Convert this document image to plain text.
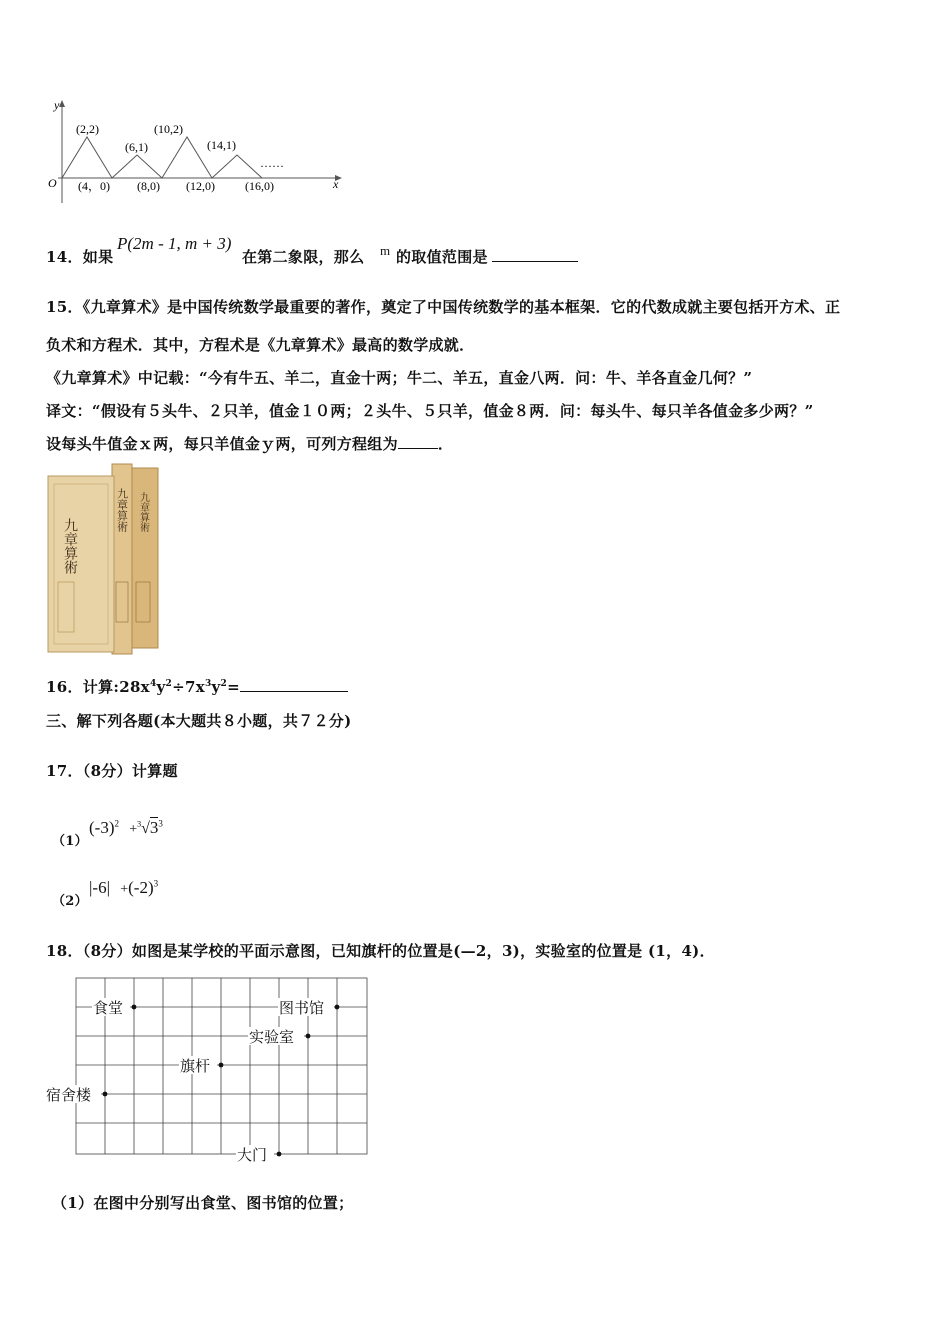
y
x
O
(2,2)
(6,1)
(10,2)
(14,1)
(4，0) (8,0) (12,0)	(16,0)
……
14．如果
P(2m - 1, m + 3)
在第二象限，那么 m 的取值范围是
15．《九章算术》是中国传统数学最重要的著作，奠定了中国传统数学的基本框架．它的代数成就主要包括开方术、正
负术和方程术．其中，方程术是《九章算术》最高的数学成就．
《九章算术》中记载：“今有牛五、羊二，直金十两；牛二、羊五，直金八两．问：牛、羊各直金几何？”
译文：“假设有５头牛、２只羊，值金１０两；２头牛、５只羊，值金８两．问：每头牛、每只羊各值金多少两？”
设每头牛值金ｘ两，每只羊值金ｙ两，可列方程组为	．
九章算術
九章算術 九章算術
16．计算$:28x^4y^2\div 7x^3y^2=$
三、解下列各题(本大题共８小题，共７２分)
17．（8分）计算题
（1）
$(-3)^2 +^3√3^3$
（2）
$|-6| +(-2)^3$
18．（8分）如图是某学校的平面示意图，已知旗杆的位置是(—2，3)，实验室的位置是 (1，4)．
食堂	图书馆
实验室
旗杆
宿舍楼
大门
（1）在图中分别写出食堂、图书馆的位置；
